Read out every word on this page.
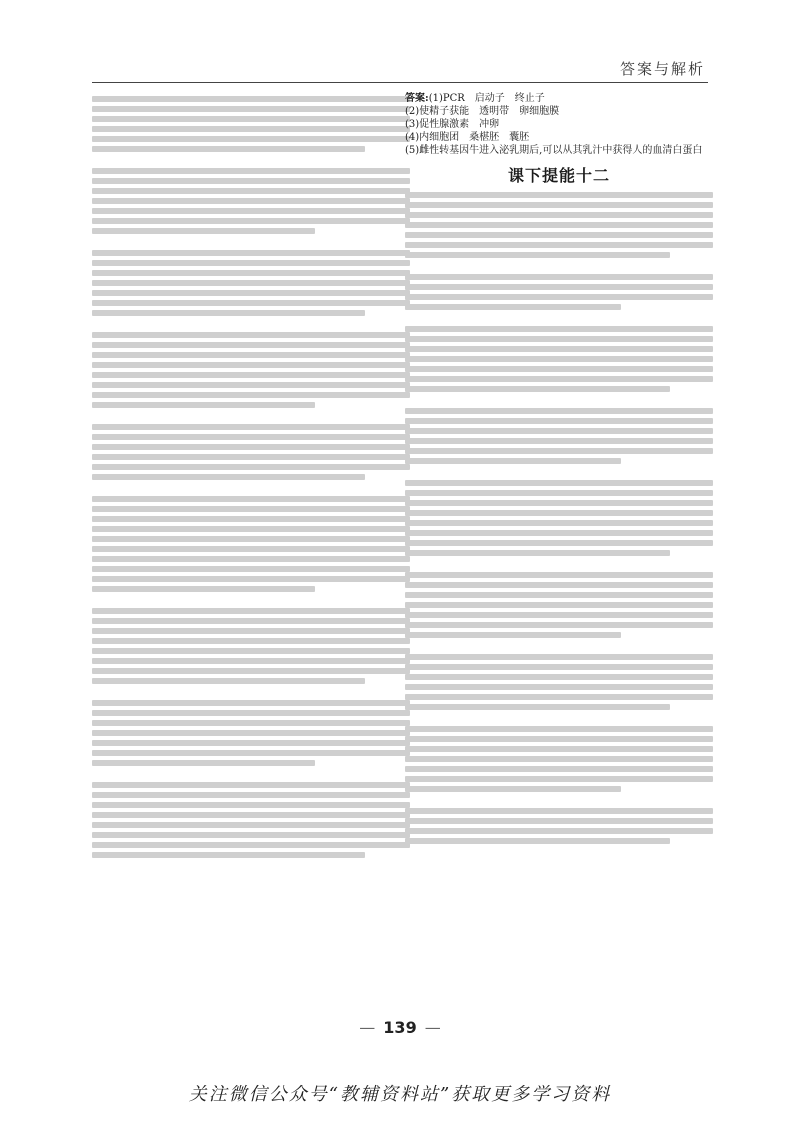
答案与解析
答案:(1)PCR　启动子　终止子
(2)使精子获能　透明带　卵细胞膜
(3)促性腺激素　冲卵
(4)内细胞团　桑椹胚　囊胚
(5)雌性转基因牛进入泌乳期后,可以从其乳汁中获得人的血清白蛋白
课下提能十二
— 139 —
关注微信公众号“教辅资料站”获取更多学习资料
